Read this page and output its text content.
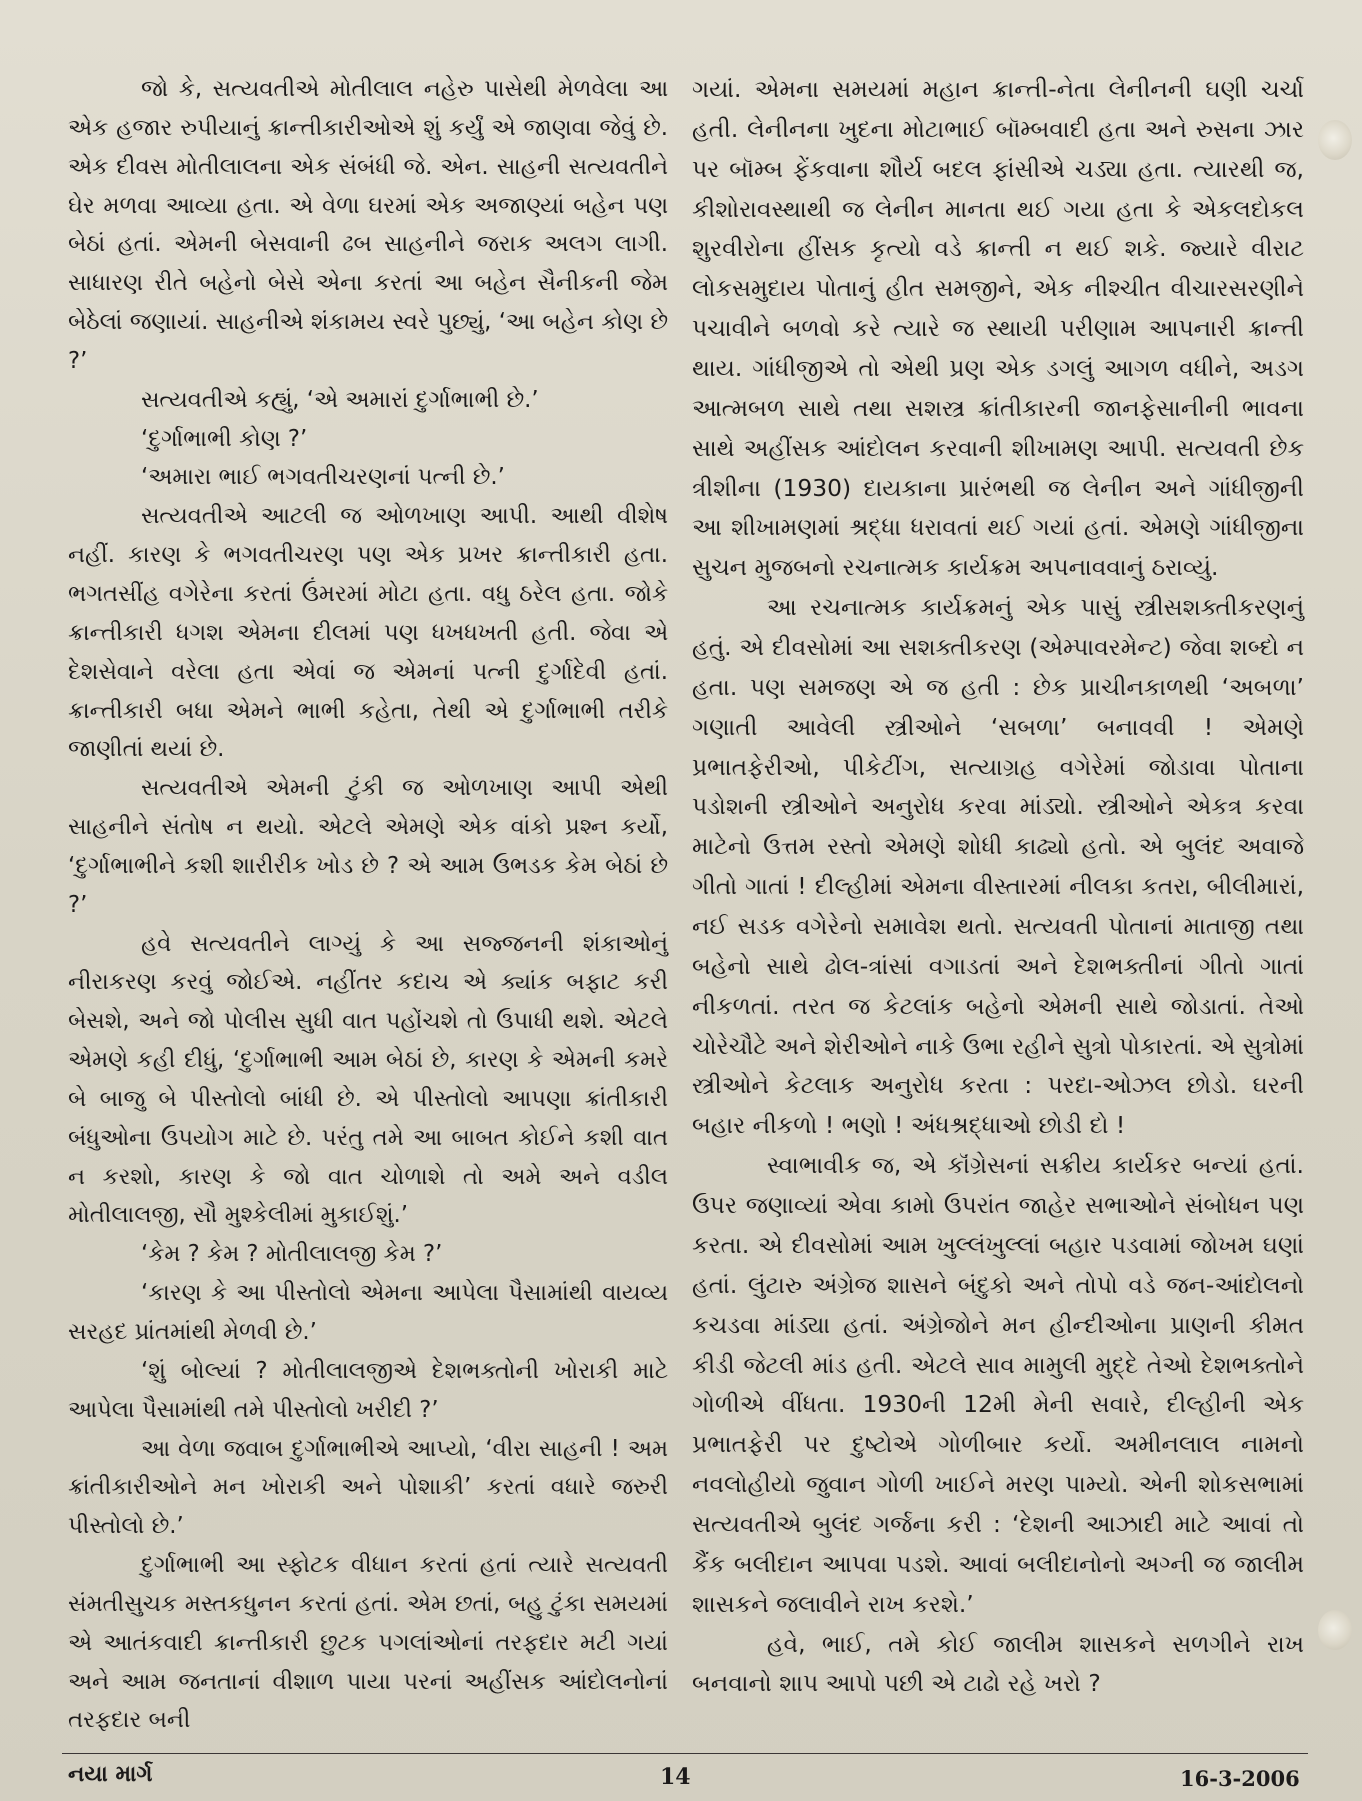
જો કે, સત્યવતીએ મોતીલાલ નહેરુ પાસેથી મેળવેલા આ એક હજાર રુપીયાનું ક્રાન્તીકારીઓએ શું કર્યું એ જાણવા જેવું છે. એક દીવસ મોતીલાલના એક સંબંધી જે. એન. સાહની સત્યવતીને ઘેર મળવા આવ્યા હતા. એ વેળા ઘરમાં એક અજાણ્યાં બહેન પણ બેઠાં હતાં. એમની બેસવાની ઢબ સાહનીને જરાક અલગ લાગી. સાધારણ રીતે બહેનો બેસે એના કરતાં આ બહેન સૈનીકની જેમ બેઠેલાં જણાયાં. સાહનીએ શંકામય સ્વરે પુછ્યું, ‘આ બહેન કોણ છે ?’

સત્યવતીએ કહ્યું, ‘એ અમારાં દુર્ગાભાભી છે.’

‘દુર્ગાભાભી કોણ ?’

‘અમારા ભાઈ ભગવતીચરણનાં પત્ની છે.’

સત્યવતીએ આટલી જ ઓળખાણ આપી. આથી વીશેષ નહીં. કારણ કે ભગવતીચરણ પણ એક પ્રખર ક્રાન્તીકારી હતા. ભગતસીંહ વગેરેના કરતાં ઉંમરમાં મોટા હતા. વધુ ઠરેલ હતા. જોકે ક્રાન્તીકારી ધગશ એમના દીલમાં પણ ધખધખતી હતી. જેવા એ દેશસેવાને વરેલા હતા એવાં જ એમનાં પત્ની દુર્ગાદેવી હતાં. ક્રાન્તીકારી બધા એમને ભાભી કહેતા, તેથી એ દુર્ગાભાભી તરીકે જાણીતાં થયાં છે.

સત્યવતીએ એમની ટુંકી જ ઓળખાણ આપી એથી સાહનીને સંતોષ ન થયો. એટલે એમણે એક વાંકો પ્રશ્ન કર્યો, ‘દુર્ગાભાભીને કશી શારીરીક ખોડ છે ? એ આમ ઉભડક કેમ બેઠાં છે ?’

હવે સત્યવતીને લાગ્યું કે આ સજ્જનની શંકાઓનું નીરાકરણ કરવું જોઈએ. નહીંતર કદાચ એ ક્યાંક બફાટ કરી બેસશે, અને જો પોલીસ સુધી વાત પહોંચશે તો ઉપાધી થશે. એટલે એમણે કહી દીધું, ‘દુર્ગાભાભી આમ બેઠાં છે, કારણ કે એમની કમરે બે બાજુ બે પીસ્તોલો બાંધી છે. એ પીસ્તોલો આપણા ક્રાંતીકારી બંધુઓના ઉપયોગ માટે છે. પરંતુ તમે આ બાબત કોઈને કશી વાત ન કરશો, કારણ કે જો વાત ચોળાશે તો અમે અને વડીલ મોતીલાલજી, સૌ મુશ્કેલીમાં મુકાઈશું.’

‘કેમ ? કેમ ? મોતીલાલજી કેમ ?’

‘કારણ કે આ પીસ્તોલો એમના આપેલા પૈસામાંથી વાયવ્ય સરહદ પ્રાંતમાંથી મેળવી છે.’

‘શું બોલ્યાં ? મોતીલાલજીએ દેશભક્તોની ખોરાકી માટે આપેલા પૈસામાંથી તમે પીસ્તોલો ખરીદી ?’

આ વેળા જવાબ દુર્ગાભાભીએ આપ્યો, ‘વીરા સાહની ! અમ ક્રાંતીકારીઓને મન ખોરાકી અને પોશાકી’ કરતાં વધારે જરુરી પીસ્તોલો છે.’

દુર્ગાભાભી આ સ્ફોટક વીધાન કરતાં હતાં ત્યારે સત્યવતી સંમતીસુચક મસ્તકધુનન કરતાં હતાં. એમ છતાં, બહુ ટુંકા સમયમાં એ આતંકવાદી ક્રાન્તીકારી છુટક પગલાંઓનાં તરફદાર મટી ગયાં અને આમ જનતાનાં વીશાળ પાયા પરનાં અહીંસક આંદોલનોનાં તરફદાર બની

ગયાં. એમના સમયમાં મહાન ક્રાન્તી-નેતા લેનીનની ઘણી ચર્ચા હતી. લેનીનના ખુદના મોટાભાઈ બૉમ્બવાદી હતા અને રુસના ઝાર પર બૉમ્બ ફેંકવાના શૌર્ય બદલ ફાંસીએ ચડ્યા હતા. ત્યારથી જ, કીશોરાવસ્થાથી જ લેનીન માનતા થઈ ગયા હતા કે એકલદોકલ શુરવીરોના હીંસક કૃત્યો વડે ક્રાન્તી ન થઈ શકે. જ્યારે વીરાટ લોકસમુદાય પોતાનું હીત સમજીને, એક નીશ્ચીત વીચારસરણીને પચાવીને બળવો કરે ત્યારે જ સ્થાયી પરીણામ આપનારી ક્રાન્તી થાય. ગાંધીજીએ તો એથી પ્રણ એક ડગલું આગળ વધીને, અડગ આત્મબળ સાથે તથા સશસ્ત્ર ક્રાંતીકારની જાનફેસાનીની ભાવના સાથે અહીંસક આંદોલન કરવાની શીખામણ આપી. સત્યવતી છેક ત્રીશીના (1930) દાયકાના પ્રારંભથી જ લેનીન અને ગાંધીજીની આ શીખામણમાં શ્રદ્ધા ધરાવતાં થઈ ગયાં હતાં. એમણે ગાંધીજીના સુચન મુજબનો રચનાત્મક કાર્યક્રમ અપનાવવાનું ઠરાવ્યું.

આ રચનાત્મક કાર્યક્રમનું એક પાસું સ્ત્રીસશક્તીકરણનું હતું. એ દીવસોમાં આ સશક્તીકરણ (એમ્પાવરમેન્ટ) જેવા શબ્દો ન હતા. પણ સમજણ એ જ હતી : છેક પ્રાચીનકાળથી ‘અબળા’ ગણાતી આવેલી સ્ત્રીઓને ‘સબળા’ બનાવવી ! એમણે પ્રભાતફેરીઓ, પીકેટીંગ, સત્યાગ્રહ વગેરેમાં જોડાવા પોતાના પડોશની સ્ત્રીઓને અનુરોધ કરવા માંડ્યો. સ્ત્રીઓને એકત્ર કરવા માટેનો ઉત્તમ રસ્તો એમણે શોધી કાઢ્યો હતો. એ બુલંદ અવાજે ગીતો ગાતાં ! દીલ્હીમાં એમના વીસ્તારમાં નીલકા કતરા, બીલીમારાં, નઈ સડક વગેરેનો સમાવેશ થતો. સત્યવતી પોતાનાં માતાજી તથા બહેનો સાથે ઢોલ-ત્રાંસાં વગાડતાં અને દેશભક્તીનાં ગીતો ગાતાં નીકળતાં. તરત જ કેટલાંક બહેનો એમની સાથે જોડાતાં. તેઓ ચોરેચૌટે અને શેરીઓને નાકે ઉભા રહીને સુત્રો પોકારતાં. એ સુત્રોમાં સ્ત્રીઓને કેટલાક અનુરોધ કરતા : પરદા-ઓઝલ છોડો. ઘરની બહાર નીકળો ! ભણો ! અંધશ્રદ્ધાઓ છોડી દો !

સ્વાભાવીક જ, એ કૉંગ્રેસનાં સક્રીય કાર્યકર બન્યાં હતાં. ઉપર જણાવ્યાં એવા કામો ઉપરાંત જાહેર સભાઓને સંબોધન પણ કરતા. એ દીવસોમાં આમ ખુલ્લંખુલ્લાં બહાર પડવામાં જોખમ ઘણાં હતાં. લુંટારુ અંગ્રેજ શાસને બંદુકો અને તોપો વડે જન-આંદોલનો કચડવા માંડ્યા હતાં. અંગ્રેજોને મન હીન્દીઓના પ્રાણની કીમત કીડી જેટલી માંડ હતી. એટલે સાવ મામુલી મુદ્દે તેઓ દેશભક્તોને ગોળીએ વીંધતા. 1930ની 12મી મેની સવારે, દીલ્હીની એક પ્રભાતફેરી પર દુષ્ટોએ ગોળીબાર કર્યો. અમીનલાલ નામનો નવલોહીયો જુવાન ગોળી ખાઈને મરણ પામ્યો. એની શોકસભામાં સત્યવતીએ બુલંદ ગર્જના કરી : ‘દેશની આઝાદી માટે આવાં તો કૈંક બલીદાન આપવા પડશે. આવાં બલીદાનોનો અગ્ની જ જાલીમ શાસકને જલાવીને રાખ કરશે.’

હવે, ભાઈ, તમે કોઈ જાલીમ શાસકને સળગીને રાખ બનવાનો શાપ આપો પછી એ ટાઢો રહે ખરો ?

નયા માર્ગ	14	16-3-2006
